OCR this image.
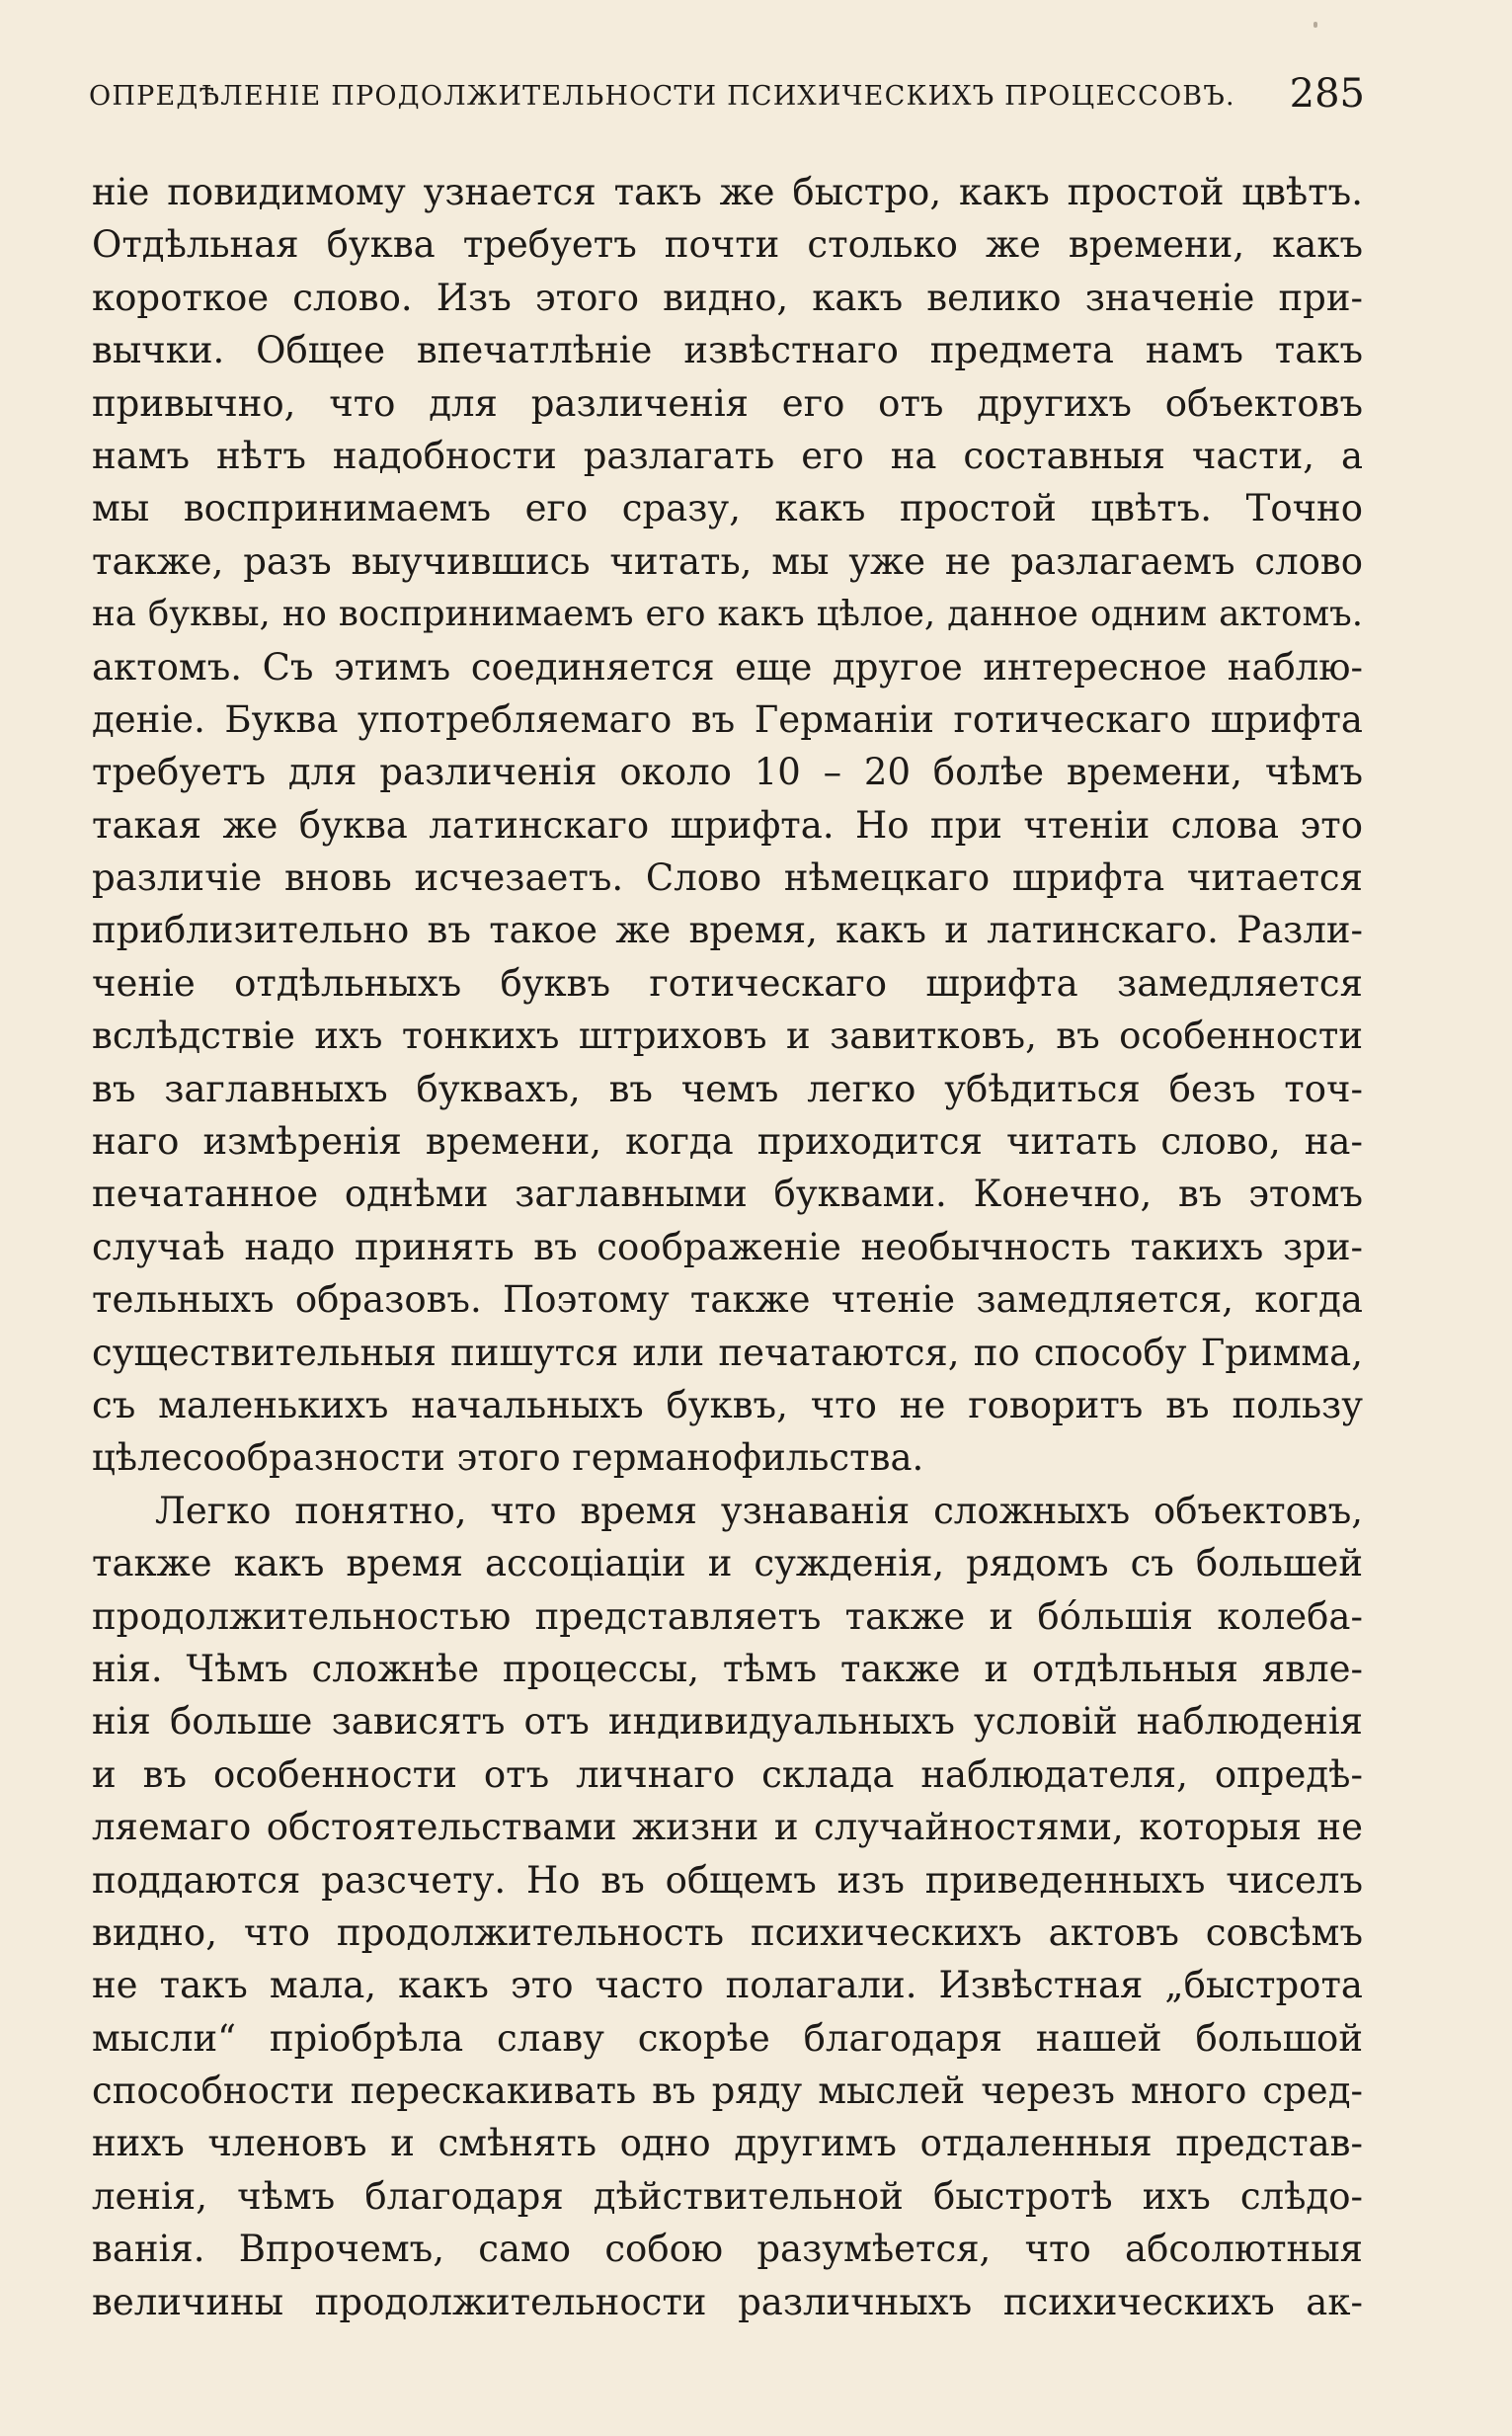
ОПРЕДѢЛЕНIЕ ПРОДОЛЖИТЕЛЬНОСТИ ПСИХИЧЕСКИХЪ ПРОЦЕССОВЪ. 285
нiе повидимому узнается такъ же быстро, какъ простой цвѣтъ.
Отдѣльная буква требуетъ почти столько же времени, какъ
короткое слово. Изъ этого видно, какъ велико значенiе при-
вычки. Общее впечатлѣнiе извѣстнаго предмета намъ такъ
привычно, что для различенiя его отъ другихъ объектовъ
намъ нѣтъ надобности разлагать его на составныя части, а
мы воспринимаемъ его сразу, какъ простой цвѣтъ. Точно
также, разъ выучившись читать, мы уже не разлагаемъ слово
на буквы, но воспринимаемъ его какъ цѣлое, данное одним актомъ.
актомъ. Съ этимъ соединяется еще другое интересное наблю-
денiе. Буква употребляемаго въ Германiи готическаго шрифта
требуетъ для различенiя около 10 – 20 болѣе времени, чѣмъ
такая же буква латинскаго шрифта. Но при чтенiи слова это
различiе вновь исчезаетъ. Слово нѣмецкаго шрифта читается
приблизительно въ такое же время, какъ и латинскаго. Разли-
ченiе отдѣльныхъ буквъ готическаго шрифта замедляется
вслѣдствiе ихъ тонкихъ штриховъ и завитковъ, въ особенности
въ заглавныхъ буквахъ, въ чемъ легко убѣдиться безъ точ-
наго измѣренiя времени, когда приходится читать слово, на-
печатанное однѣми заглавными буквами. Конечно, въ этомъ
случаѣ надо принять въ соображенiе необычность такихъ зри-
тельныхъ образовъ. Поэтому также чтенiе замедляется, когда
существительныя пишутся или печатаются, по способу Гримма,
съ маленькихъ начальныхъ буквъ, что не говоритъ въ пользу
цѣлесообразности этого германофильства.
Легко понятно, что время узнаванiя сложныхъ объектовъ,
также какъ время ассоцiацiи и сужденiя, рядомъ съ большей
продолжительностью представляетъ также и бо́льшiя колеба-
нiя. Чѣмъ сложнѣе процессы, тѣмъ также и отдѣльныя явле-
нiя больше зависятъ отъ индивидуальныхъ условiй наблюденiя
и въ особенности отъ личнаго склада наблюдателя, опредѣ-
ляемаго обстоятельствами жизни и случайностями, которыя не
поддаются разсчету. Но въ общемъ изъ приведенныхъ чиселъ
видно, что продолжительность психическихъ актовъ совсѣмъ
не такъ мала, какъ это часто полагали. Извѣстная „быстрота
мысли“ прiобрѣла славу скорѣе благодаря нашей большой
способности перескакивать въ ряду мыслей черезъ много сред-
нихъ членовъ и смѣнять одно другимъ отдаленныя представ-
ленiя, чѣмъ благодаря дѣйствительной быстротѣ ихъ слѣдо-
ванiя. Впрочемъ, само собою разумѣется, что абсолютныя
величины продолжительности различныхъ психическихъ ак-
